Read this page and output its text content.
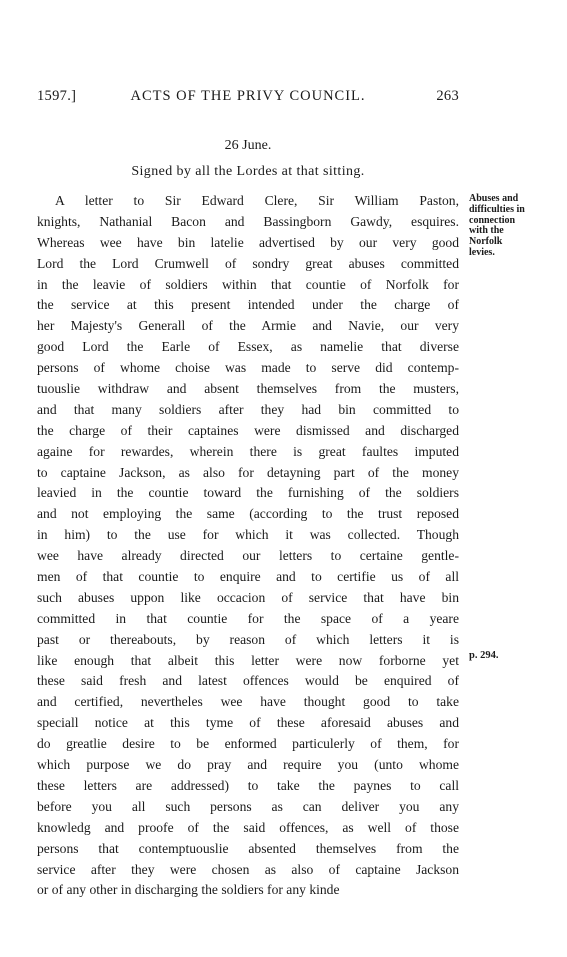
1597.]	ACTS OF THE PRIVY COUNCIL.	263
26 June.
Signed by all the Lordes at that sitting.
A letter to Sir Edward Clere, Sir William Paston,
knights, Nathanial Bacon and Bassingborn Gawdy, esquires.
Whereas wee have bin latelie advertised by our very good
Lord the Lord Crumwell of sondry great abuses committed
in the leavie of soldiers within that countie of Norfolk for
the service at this present intended under the charge of
her Majesty's Generall of the Armie and Navie, our very
good Lord the Earle of Essex, as namelie that diverse
persons of whome choise was made to serve did contemp-
tuouslie withdraw and absent themselves from the musters,
and that many soldiers after they had bin committed to
the charge of their captaines were dismissed and discharged
againe for rewardes, wherein there is great faultes imputed
to captaine Jackson, as also for detayning part of the money
leavied in the countie toward the furnishing of the soldiers
and not employing the same (according to the trust reposed
in him) to the use for which it was collected. Though
wee have already directed our letters to certaine gentle-
men of that countie to enquire and to certifie us of all
such abuses uppon like occacion of service that have bin
committed in that countie for the space of a yeare
past or thereabouts, by reason of which letters it is
like enough that albeit this letter were now forborne yet
these said fresh and latest offences would be enquired of
and certified, nevertheles wee have thought good to take
speciall notice at this tyme of these aforesaid abuses and
do greatlie desire to be enformed particulerly of them, for
which purpose we do pray and require you (unto whome
these letters are addressed) to take the paynes to call
before you all such persons as can deliver you any
knowledg and proofe of the said offences, as well of those
persons that contemptuouslie absented themselves from the
service after they were chosen as also of captaine Jackson
or of any other in discharging the soldiers for any kinde
Abuses and
difficulties in
connection
with the
Norfolk
levies.
p. 294.
